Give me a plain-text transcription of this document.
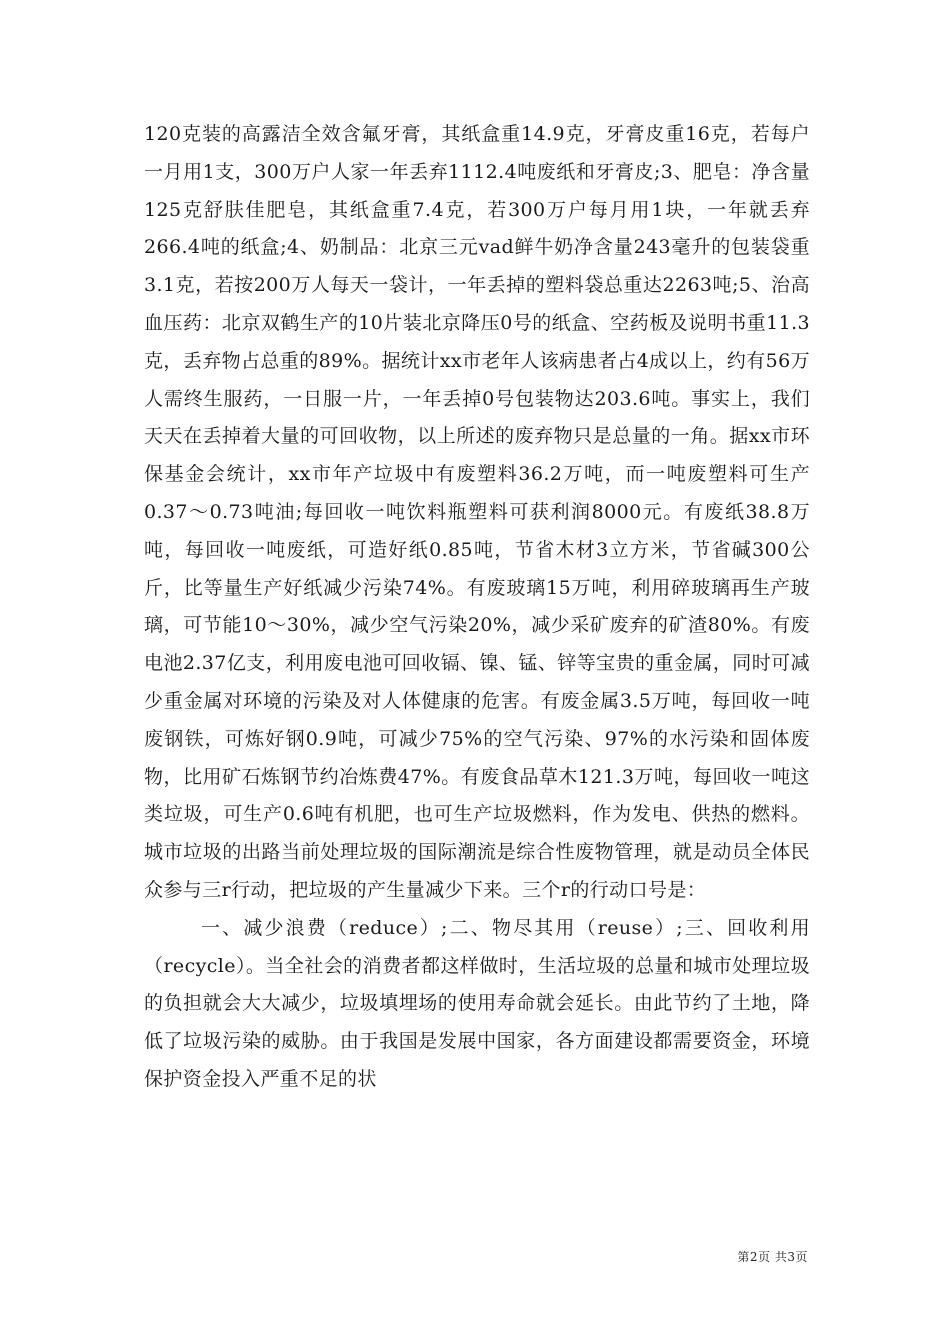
120克装的高露洁全效含氟牙膏，其纸盒重14.9克，牙膏皮重16克，若每户一月用1支，300万户人家一年丢弃1112.4吨废纸和牙膏皮;3、肥皂：净含量125克舒肤佳肥皂，其纸盒重7.4克，若300万户每月用1块，一年就丢弃266.4吨的纸盒;4、奶制品：北京三元vad鲜牛奶净含量243毫升的包装袋重3.1克，若按200万人每天一袋计，一年丢掉的塑料袋总重达2263吨;5、治高血压药：北京双鹤生产的10片装北京降压0号的纸盒、空药板及说明书重11.3克，丢弃物占总重的89%。据统计xx市老年人该病患者占4成以上，约有56万人需终生服药，一日服一片，一年丢掉0号包装物达203.6吨。事实上，我们天天在丢掉着大量的可回收物，以上所述的废弃物只是总量的一角。据xx市环保基金会统计，xx市年产垃圾中有废塑料36.2万吨，而一吨废塑料可生产0.37～0.73吨油;每回收一吨饮料瓶塑料可获利润8000元。有废纸38.8万吨，每回收一吨废纸，可造好纸0.85吨，节省木材3立方米，节省碱300公斤，比等量生产好纸减少污染74%。有废玻璃15万吨，利用碎玻璃再生产玻璃，可节能10～30%，减少空气污染20%，减少采矿废弃的矿渣80%。有废电池2.37亿支，利用废电池可回收镉、镍、锰、锌等宝贵的重金属，同时可减少重金属对环境的污染及对人体健康的危害。有废金属3.5万吨，每回收一吨废钢铁，可炼好钢0.9吨，可减少75%的空气污染、97%的水污染和固体废物，比用矿石炼钢节约冶炼费47%。有废食品草木121.3万吨，每回收一吨这类垃圾，可生产0.6吨有机肥，也可生产垃圾燃料，作为发电、供热的燃料。城市垃圾的出路当前处理垃圾的国际潮流是综合性废物管理，就是动员全体民众参与三r行动，把垃圾的产生量减少下来。三个r的行动口号是：

一、减少浪费（reduce）;二、物尽其用（reuse）;三、回收利用（recycle）。当全社会的消费者都这样做时，生活垃圾的总量和城市处理垃圾的负担就会大大减少，垃圾填埋场的使用寿命就会延长。由此节约了土地，降低了垃圾污染的威胁。由于我国是发展中国家，各方面建设都需要资金，环境保护资金投入严重不足的状

第2页 共3页
